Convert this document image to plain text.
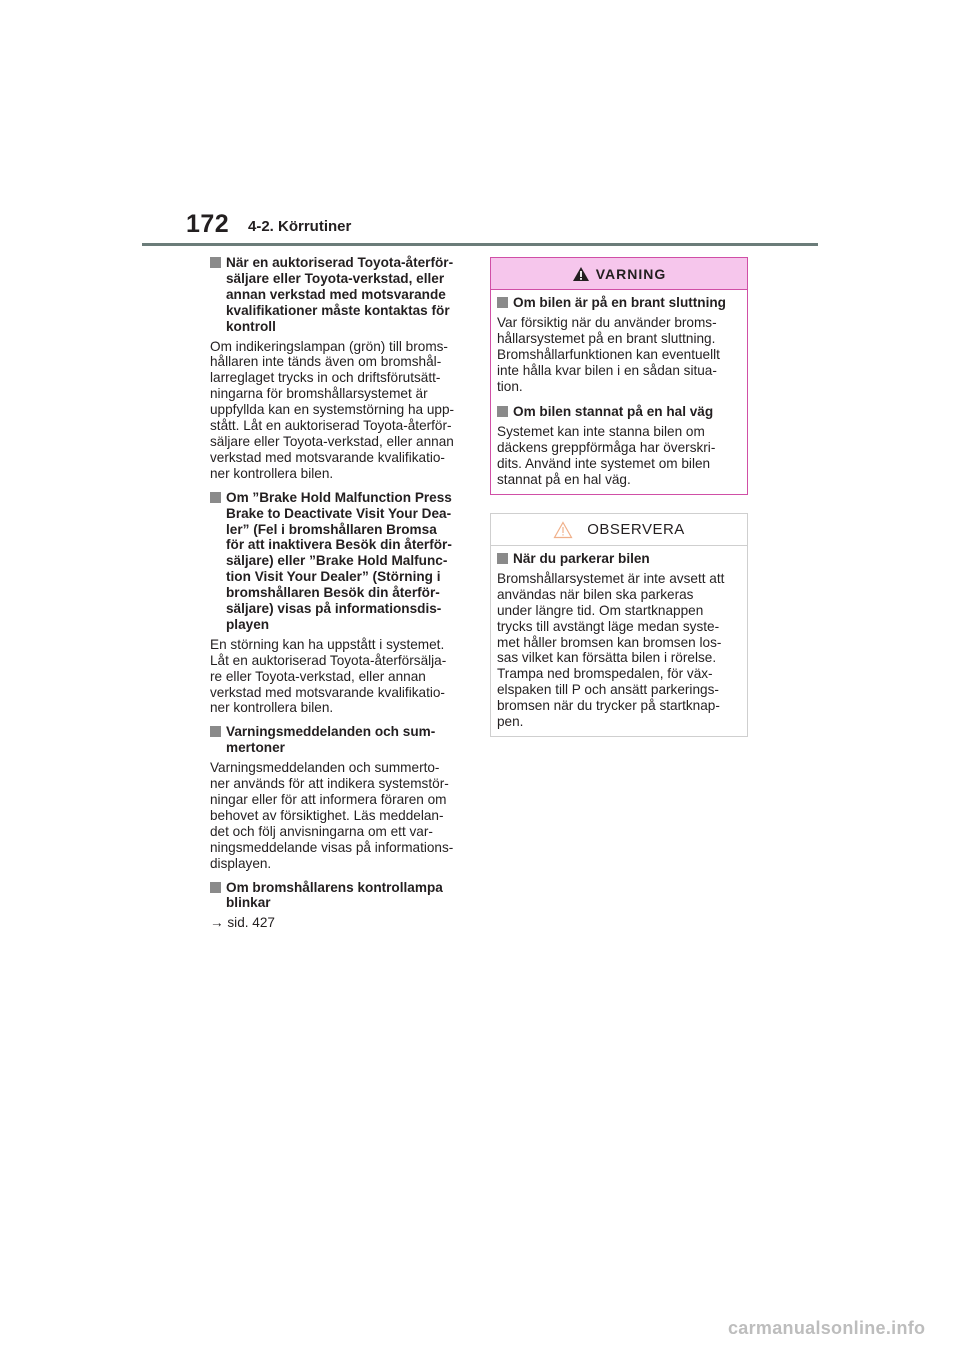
172 4-2. Körrutiner
När en auktoriserad Toyota-återför-
säljare eller Toyota-verkstad, eller
annan verkstad med motsvarande
kvalifikationer måste kontaktas för
kontroll
Om indikeringslampan (grön) till broms-
hållaren inte tänds även om bromshål-
larreglaget trycks in och driftsförutsätt-
ningarna för bromshållarsystemet är
uppfyllda kan en systemstörning ha upp-
stått. Låt en auktoriserad Toyota-återför-
säljare eller Toyota-verkstad, eller annan
verkstad med motsvarande kvalifikatio-
ner kontrollera bilen.
Om ”Brake Hold Malfunction Press
Brake to Deactivate Visit Your Dea-
ler” (Fel i bromshållaren Bromsa
för att inaktivera Besök din återför-
säljare) eller ”Brake Hold Malfunc-
tion Visit Your Dealer” (Störning i
bromshållaren Besök din återför-
säljare) visas på informationsdis-
playen
En störning kan ha uppstått i systemet.
Låt en auktoriserad Toyota-återförsälja-
re eller Toyota-verkstad, eller annan
verkstad med motsvarande kvalifikatio-
ner kontrollera bilen.
Varningsmeddelanden och sum-
mertoner
Varningsmeddelanden och summerto-
ner används för att indikera systemstör-
ningar eller för att informera föraren om
behovet av försiktighet. Läs meddelan-
det och följ anvisningarna om ett var-
ningsmeddelande visas på informations-
displayen.
Om bromshållarens kontrollampa
blinkar
→ sid. 427
VARNING
Om bilen är på en brant sluttning
Var försiktig när du använder broms-
hållarsystemet på en brant sluttning.
Bromshållarfunktionen kan eventuellt
inte hålla kvar bilen i en sådan situa-
tion.
Om bilen stannat på en hal väg
Systemet kan inte stanna bilen om
däckens greppförmåga har överskri-
dits. Använd inte systemet om bilen
stannat på en hal väg.
OBSERVERA
När du parkerar bilen
Bromshållarsystemet är inte avsett att
användas när bilen ska parkeras
under längre tid. Om startknappen
trycks till avstängt läge medan syste-
met håller bromsen kan bromsen los-
sas vilket kan försätta bilen i rörelse.
Trampa ned bromspedalen, för väx-
elspaken till P och ansätt parkerings-
bromsen när du trycker på startknap-
pen.
carmanualsonline.info
